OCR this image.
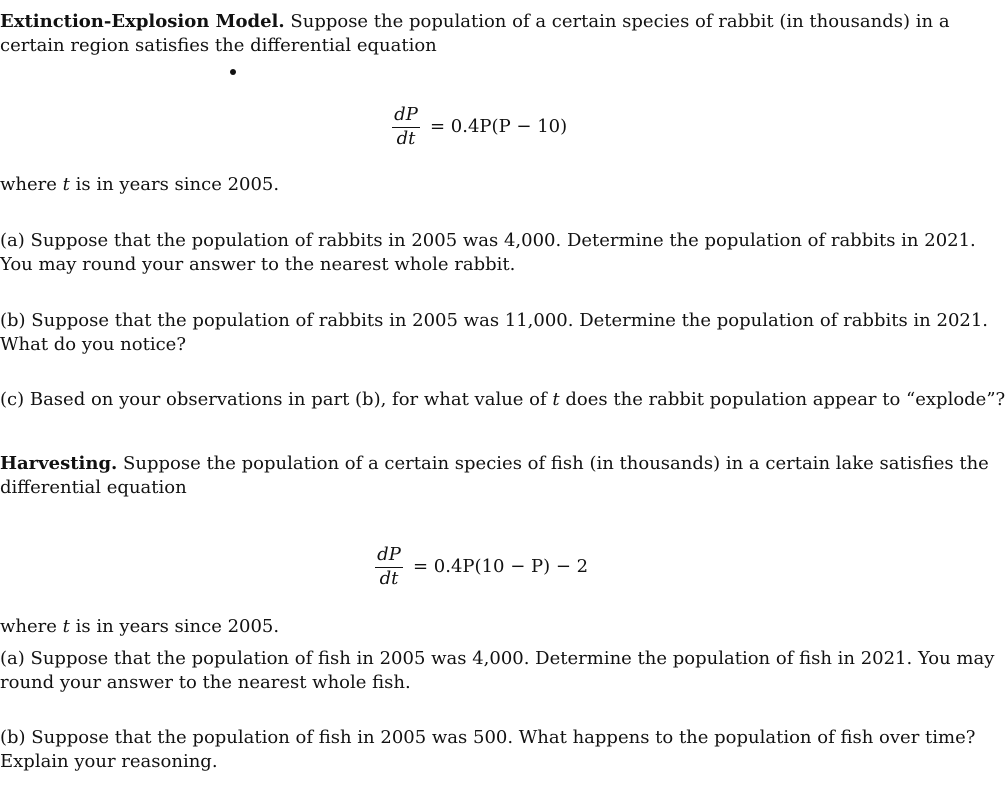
Extinction-Explosion Model. Suppose the population of a certain species of rabbit (in thousands) in a
certain region satisfies the differential equation
$\frac{dP}{dt} = 0.4P(P - 10)$
where t is in years since 2005.
(a) Suppose that the population of rabbits in 2005 was 4,000. Determine the population of rabbits in 2021.
You may round your answer to the nearest whole rabbit.
(b) Suppose that the population of rabbits in 2005 was 11,000. Determine the population of rabbits in 2021.
What do you notice?
(c) Based on your observations in part (b), for what value of t does the rabbit population appear to “explode”?
Harvesting. Suppose the population of a certain species of fish (in thousands) in a certain lake satisfies the
differential equation
$\frac{dP}{dt} = 0.4P(10 - P) - 2$
where t is in years since 2005.
(a) Suppose that the population of fish in 2005 was 4,000. Determine the population of fish in 2021. You may
round your answer to the nearest whole fish.
(b) Suppose that the population of fish in 2005 was 500. What happens to the population of fish over time?
Explain your reasoning.
